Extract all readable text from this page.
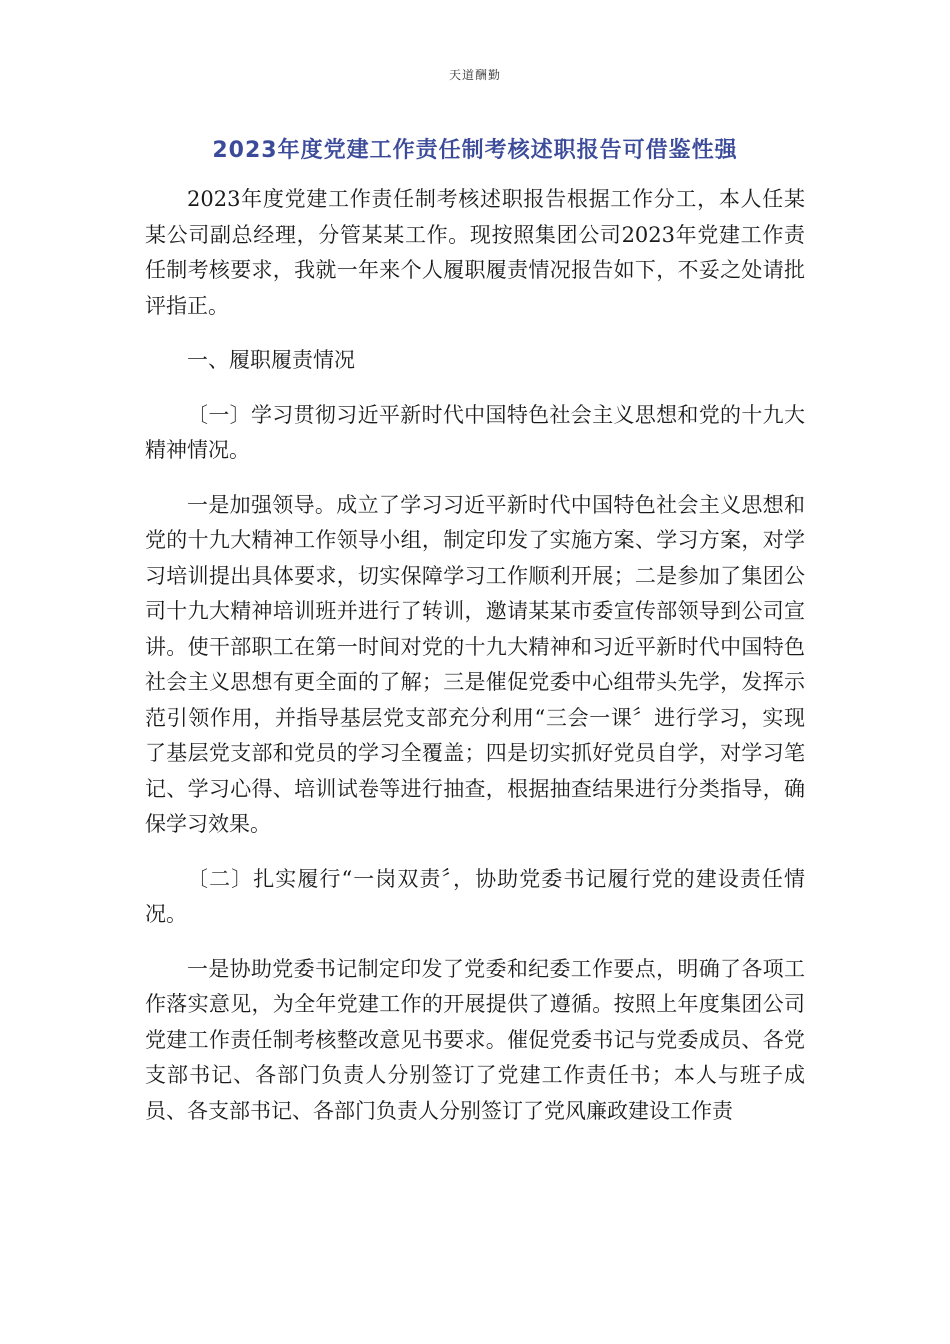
天道酬勤
2023年度党建工作责任制考核述职报告可借鉴性强

2023年度党建工作责任制考核述职报告根据工作分工，本人任某某公司副总经理，分管某某工作。现按照集团公司2023年党建工作责任制考核要求，我就一年来个人履职履责情况报告如下，不妥之处请批评指正。

一、履职履责情况

〔一〕学习贯彻习近平新时代中国特色社会主义思想和党的十九大精神情况。

一是加强领导。成立了学习习近平新时代中国特色社会主义思想和党的十九大精神工作领导小组，制定印发了实施方案、学习方案，对学习培训提出具体要求，切实保障学习工作顺利开展；二是参加了集团公司十九大精神培训班并进行了转训，邀请某某市委宣传部领导到公司宣讲。使干部职工在第一时间对党的十九大精神和习近平新时代中国特色社会主义思想有更全面的了解；三是催促党委中心组带头先学，发挥示范引领作用，并指导基层党支部充分利用“三会一课〞进行学习，实现了基层党支部和党员的学习全覆盖；四是切实抓好党员自学，对学习笔记、学习心得、培训试卷等进行抽查，根据抽查结果进行分类指导，确保学习效果。

〔二〕扎实履行“一岗双责〞，协助党委书记履行党的建设责任情况。

一是协助党委书记制定印发了党委和纪委工作要点，明确了各项工作落实意见，为全年党建工作的开展提供了遵循。按照上年度集团公司党建工作责任制考核整改意见书要求。催促党委书记与党委成员、各党支部书记、各部门负责人分别签订了党建工作责任书；本人与班子成员、各支部书记、各部门负责人分别签订了党风廉政建设工作责
